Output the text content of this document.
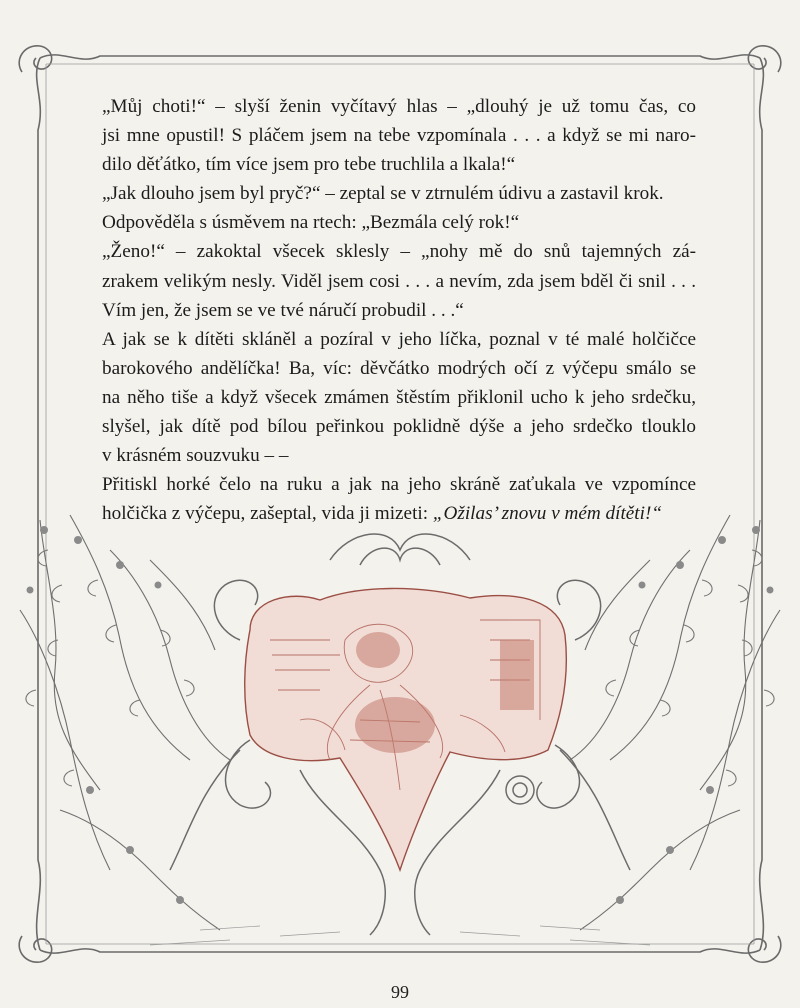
„Můj choti!“ – slyší ženin vyčítavý hlas – „dlouhý je už tomu čas, co
jsi mne opustil! S pláčem jsem na tebe vzpomínala . . . a když se mi naro-
dilo děťátko, tím více jsem pro tebe truchlila a lkala!“

„Jak dlouho jsem byl pryč?“ – zeptal se v ztrnulém údivu a zastavil krok.

Odpověděla s úsměvem na rtech: „Bezmála celý rok!“

„Ženo!“ – zakoktal všecek sklesly – „nohy mě do snů tajemných zá-
zrakem velikým nesly. Viděl jsem cosi . . . a nevím, zda jsem bděl či snil . . .
Vím jen, že jsem se ve tvé náručí probudil . . .“

A jak se k dítěti skláněl a pozíral v jeho líčka, poznal v té malé holčičce
barokového andělíčka! Ba, víc: děvčátko modrých očí z výčepu smálo se
na něho tiše a když všecek zmámen štěstím přiklonil ucho k jeho srdečku,
slyšel, jak dítě pod bílou peřinkou poklidně dýše a jeho srdečko tlouklo
v krásném souzvuku – –

Přitiskl horké čelo na ruku a jak na jeho skráně zaťukala ve vzpomínce
holčička z výčepu, zašeptal, vida ji mizeti: „Ožilas’ znovu v mém dítěti!“

99
